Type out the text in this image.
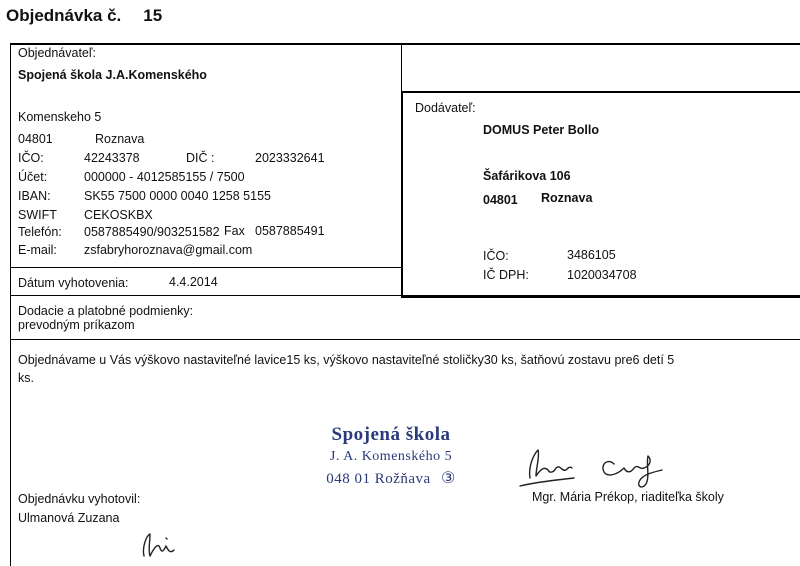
Objednávka č. 15
Objednávateľ:
Spojená škola J.A.Komenského
Komenskeho 5
04801	Roznava
IČO:	42243378	DIČ :	2023332641
Účet:	000000 - 4012585155 / 7500
IBAN:	SK55 7500 0000 0040 1258 5155
SWIFT CEKOSKBX
Telefón: 0587885490/903251582 Fax 0587885491
E-mail: zsfabryhoroznava@gmail.com
Dátum vyhotovenia:	4.4.2014
Dodávateľ:
DOMUS Peter Bollo
Šafárikova 106
04801 Roznava
IČO:	3486105
IČ DPH:	1020034708
Dodacie a platobné podmienky:
prevodným príkazom
Objednávame u Vás výškovo nastaviteľné lavice15 ks, výškovo nastaviteľné stoličky30 ks, šatňovú zostavu pre6 detí 5
ks.
Spojená škola
J. A. Komenského 5
048 01 Rožňava ③
Objednávku vyhotovil:
Ulmanová Zuzana
Mgr. Mária Prékop, riaditeľka školy
